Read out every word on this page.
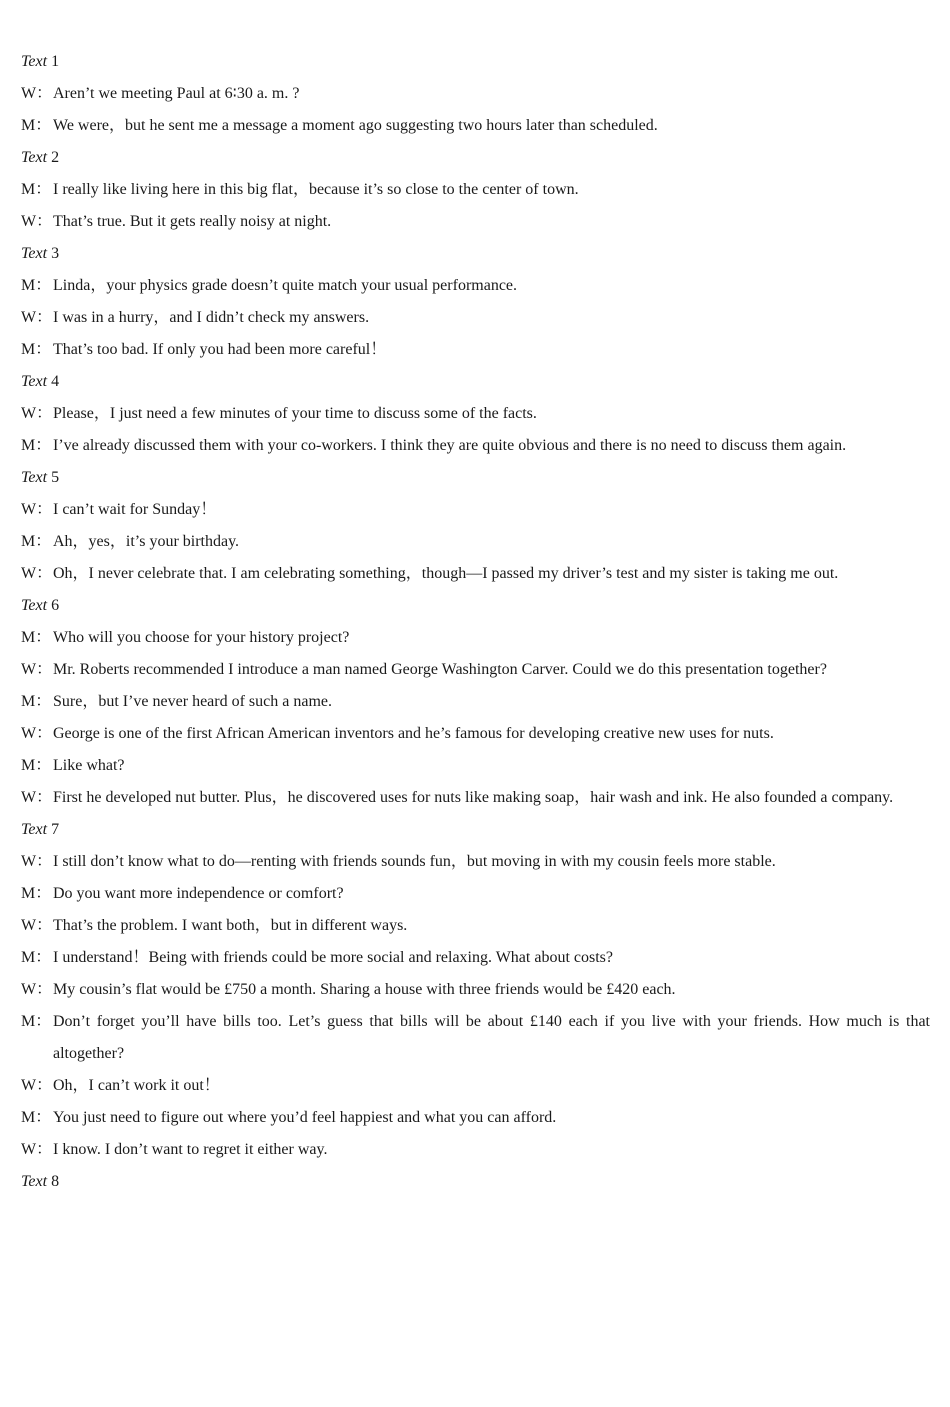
Text 1
W： Aren’t we meeting Paul at 6∶30 a. m. ?
M： We were，but he sent me a message a moment ago suggesting two hours later than scheduled.
Text 2
M： I really like living here in this big flat，because it’s so close to the center of town.
W： That’s true. But it gets really noisy at night.
Text 3
M： Linda，your physics grade doesn’t quite match your usual performance.
W： I was in a hurry，and I didn’t check my answers.
M： That’s too bad. If only you had been more careful！
Text 4
W： Please，I just need a few minutes of your time to discuss some of the facts.
M： I’ve already discussed them with your co-workers. I think they are quite obvious and there is no need to discuss them again.
Text 5
W： I can’t wait for Sunday！
M： Ah，yes，it’s your birthday.
W： Oh，I never celebrate that. I am celebrating something，though—I passed my driver’s test and my sister is taking me out.
Text 6
M： Who will you choose for your history project?
W： Mr. Roberts recommended I introduce a man named George Washington Carver. Could we do this presentation together?
M： Sure，but I’ve never heard of such a name.
W： George is one of the first African American inventors and he’s famous for developing creative new uses for nuts.
M： Like what?
W： First he developed nut butter. Plus，he discovered uses for nuts like making soap，hair wash and ink. He also founded a company.
Text 7
W： I still don’t know what to do—renting with friends sounds fun，but moving in with my cousin feels more stable.
M： Do you want more independence or comfort?
W： That’s the problem. I want both，but in different ways.
M： I understand！Being with friends could be more social and relaxing. What about costs?
W： My cousin’s flat would be £750 a month. Sharing a house with three friends would be £420 each.
M： Don’t forget you’ll have bills too. Let’s guess that bills will be about £140 each if you live with your friends. How much is that altogether?
W： Oh，I can’t work it out！
M： You just need to figure out where you’d feel happiest and what you can afford.
W： I know. I don’t want to regret it either way.
Text 8
